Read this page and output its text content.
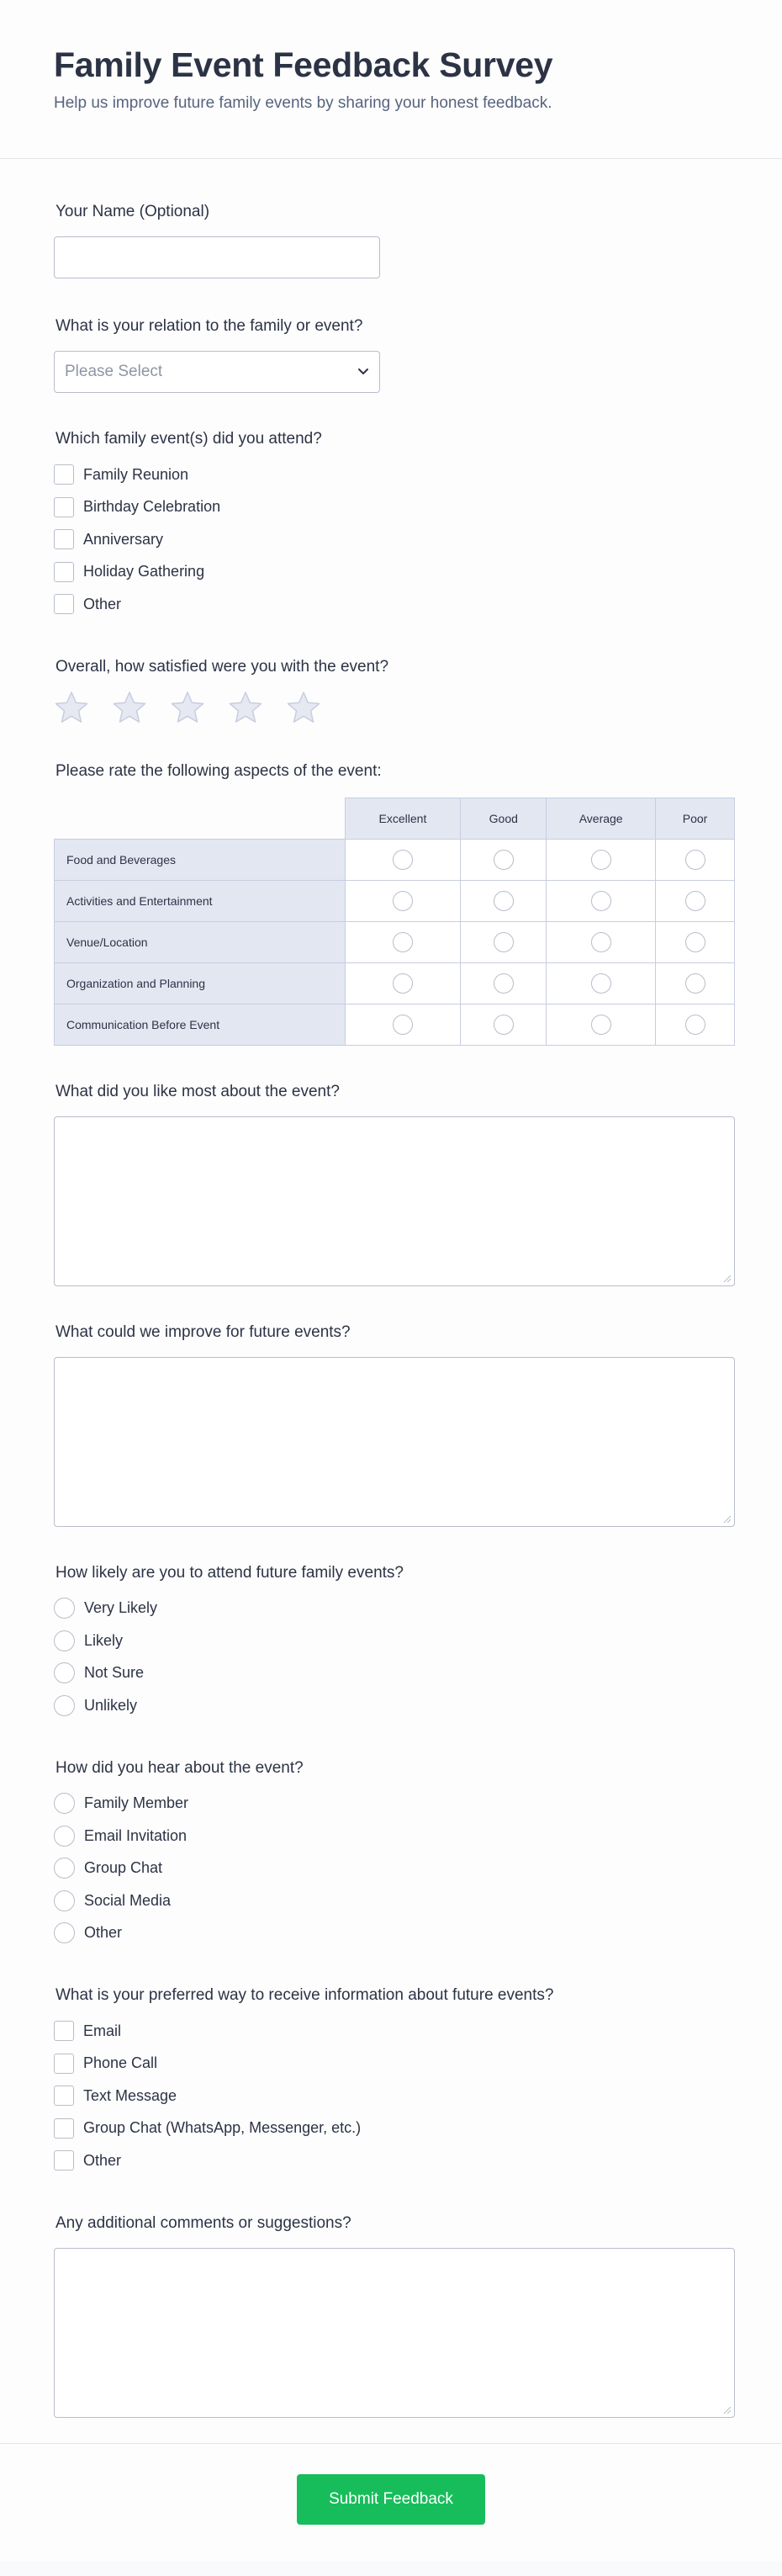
Family Event Feedback Survey
Help us improve future family events by sharing your honest feedback.
Your Name (Optional)
What is your relation to the family or event?
Please Select
Which family event(s) did you attend?
Family Reunion
Birthday Celebration
Anniversary
Holiday Gathering
Other
Overall, how satisfied were you with the event?
Please rate the following aspects of the event:
	Excellent	Good	Average	Poor
Food and Beverages				
Activities and Entertainment				
Venue/Location				
Organization and Planning				
Communication Before Event				
What did you like most about the event?
What could we improve for future events?
How likely are you to attend future family events?
Very Likely
Likely
Not Sure
Unlikely
How did you hear about the event?
Family Member
Email Invitation
Group Chat
Social Media
Other
What is your preferred way to receive information about future events?
Email
Phone Call
Text Message
Group Chat (WhatsApp, Messenger, etc.)
Other
Any additional comments or suggestions?
Submit Feedback
